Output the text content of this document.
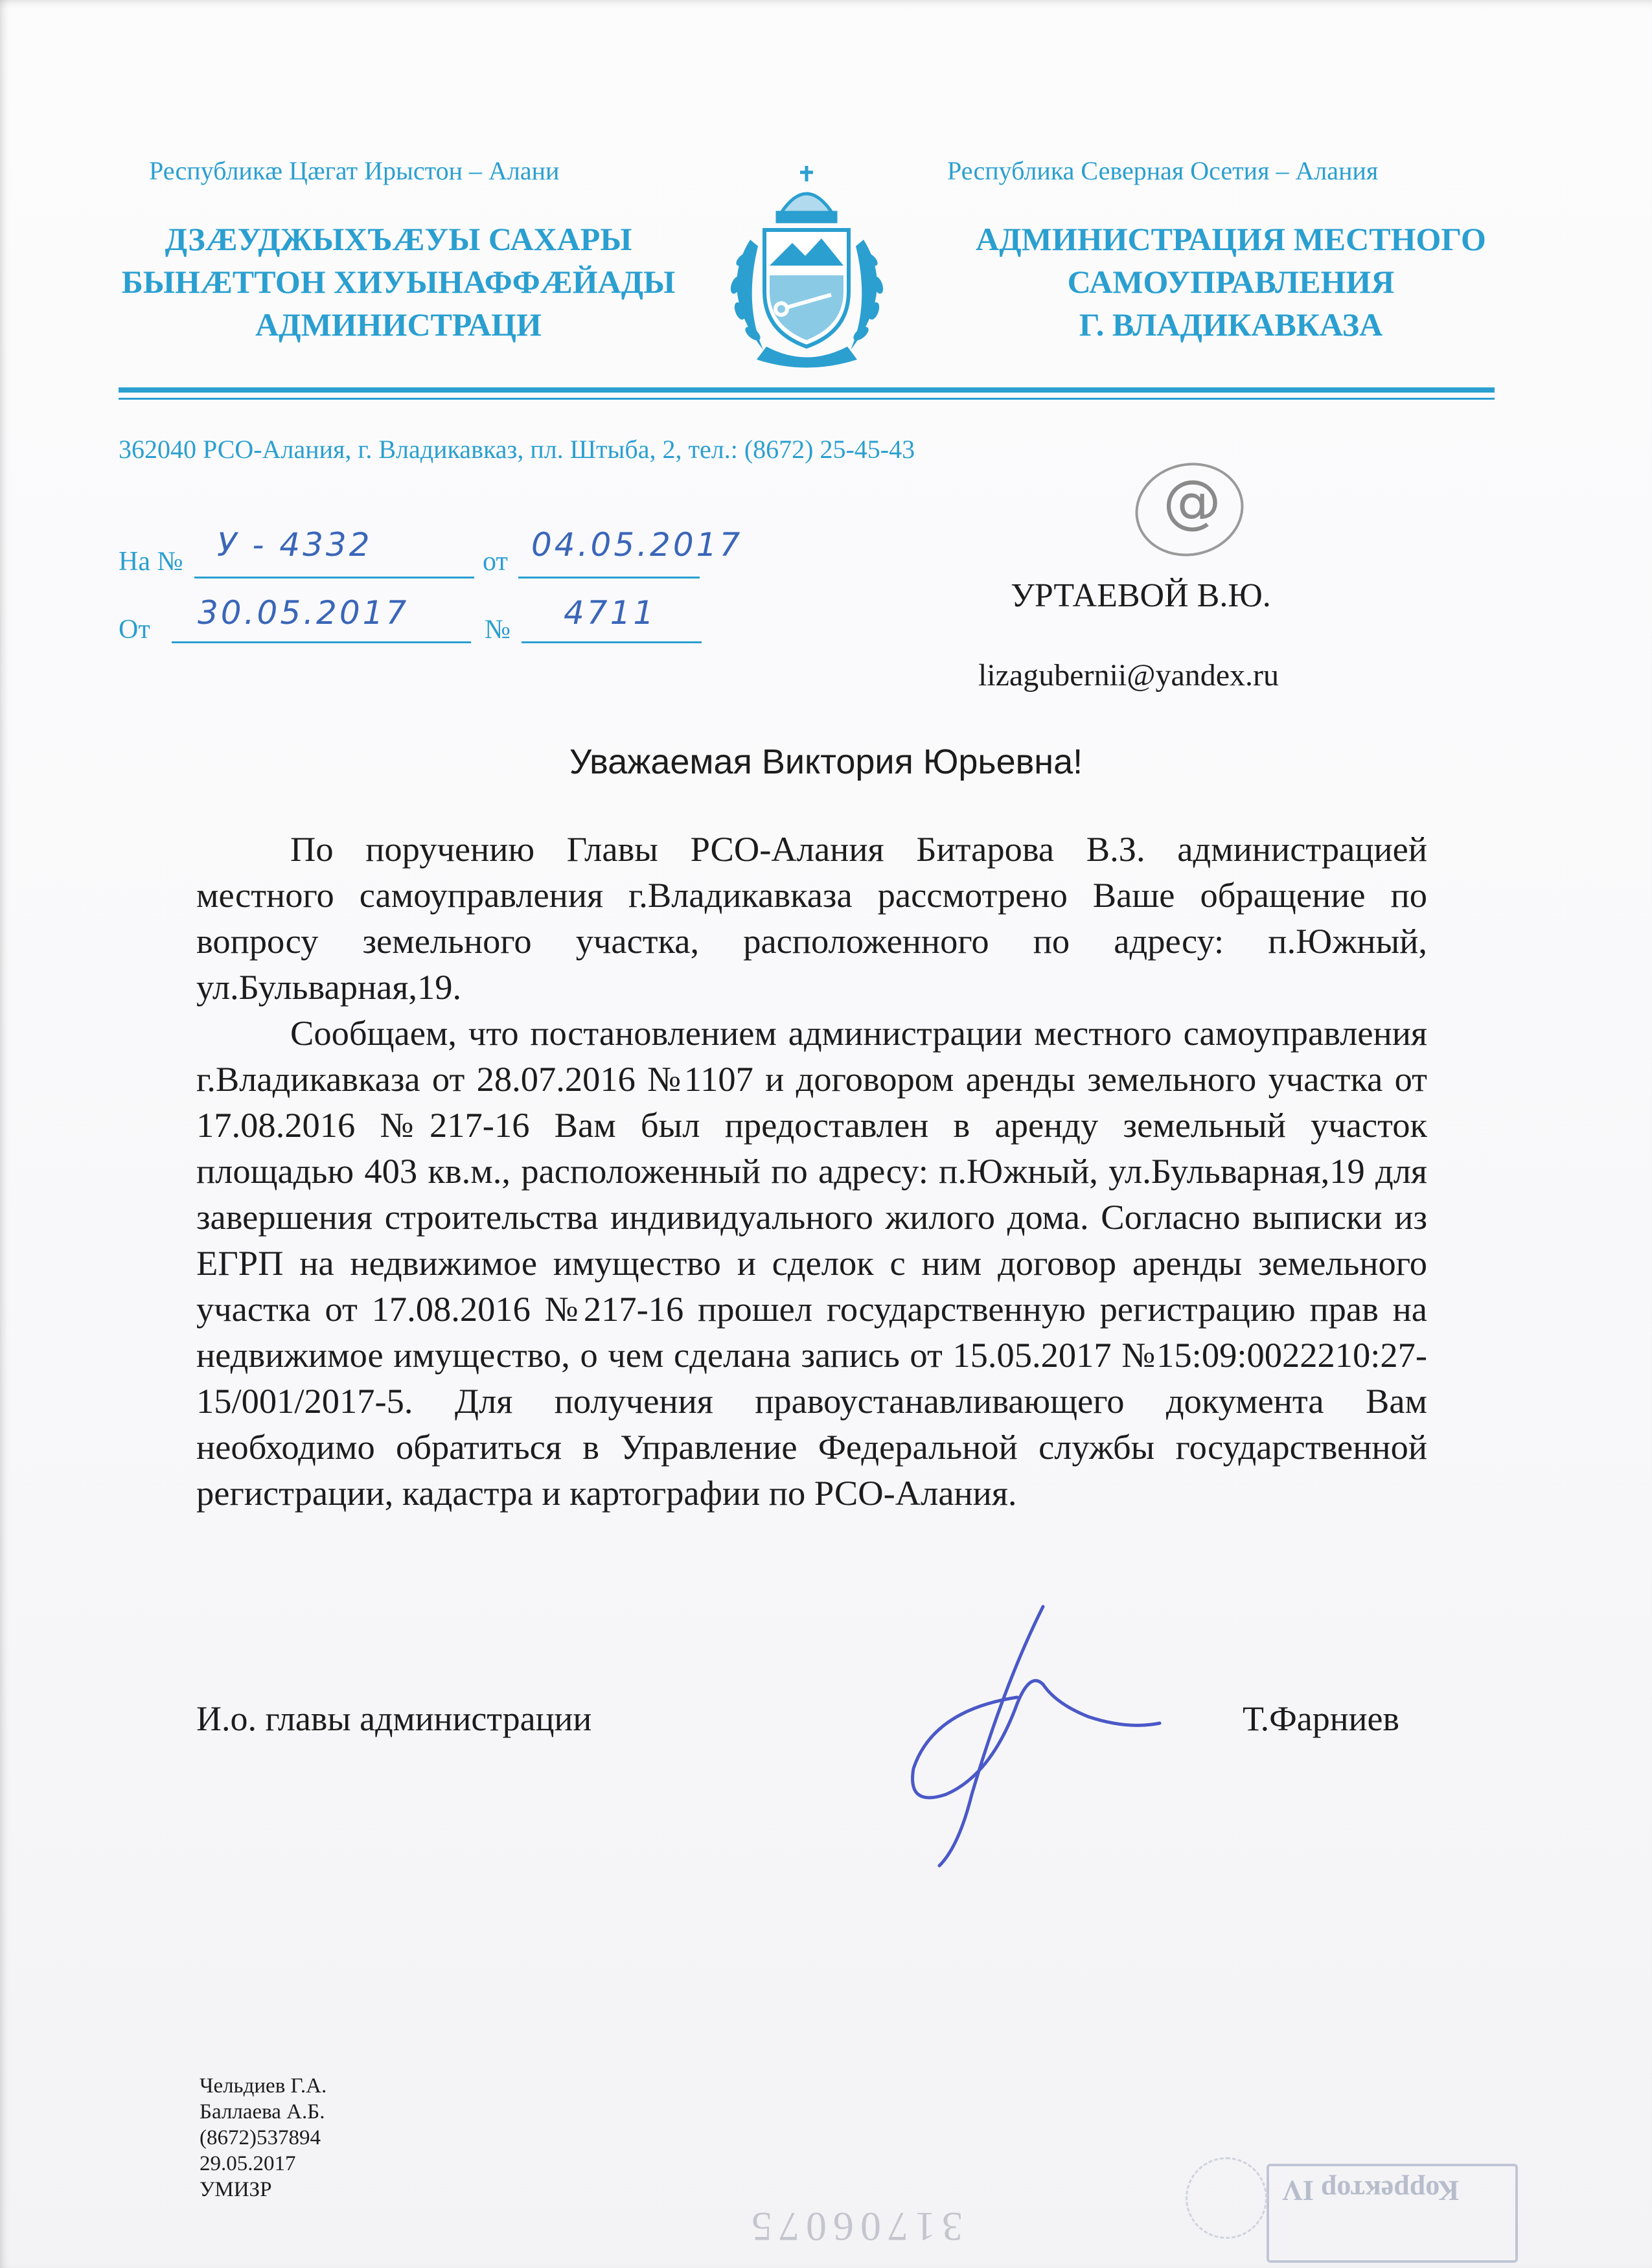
Республикæ Цæгат Ирыстон – Алани	Республика Северная Осетия – Алания
ДЗÆУДЖЫХЪÆУЫ САХАРЫ
БЫНÆТТОН ХИУЫНАФФÆЙАДЫ
АДМИНИСТРАЦИ
АДМИНИСТРАЦИЯ МЕСТНОГО
САМОУПРАВЛЕНИЯ
Г. ВЛАДИКАВКАЗА
362040 РСО-Алания, г. Владикавказ, пл. Штыба, 2, тел.: (8672) 25-45-43
На № У - 4332	от 04.05.2017
От 30.05.2017	№ 4711
@
УРТАЕВОЙ В.Ю.
lizagubernii@yandex.ru
Уважаемая Виктория Юрьевна!

По поручению Главы РСО-Алания Битарова В.З. администрацией местного самоуправления г.Владикавказа рассмотрено Ваше обращение по вопросу земельного участка, расположенного по адресу: п.Южный, ул.Бульварная,19.

Сообщаем, что постановлением администрации местного самоуправления г.Владикавказа от 28.07.2016 №1107 и договором аренды земельного участка от 17.08.2016 №217-16 Вам был предоставлен в аренду земельный участок площадью 403 кв.м., расположенный по адресу: п.Южный, ул.Бульварная,19 для завершения строительства индивидуального жилого дома. Согласно выписки из ЕГРП на недвижимое имущество и сделок с ним договор аренды земельного участка от 17.08.2016 №217-16 прошел государственную регистрацию прав на недвижимое имущество, о чем сделана запись от 15.05.2017 №15:09:0022210:27-15/001/2017-5. Для получения правоустанавливающего документа Вам необходимо обратиться в Управление Федеральной службы государственной регистрации, кадастра и картографии по РСО-Алания.

И.о. главы администрации	Т.Фарниев
Чельдиев Г.А.
Баллаева А.Б.
(8672)537894
29.05.2017
УМИЗР
31706075
Корректор IV
